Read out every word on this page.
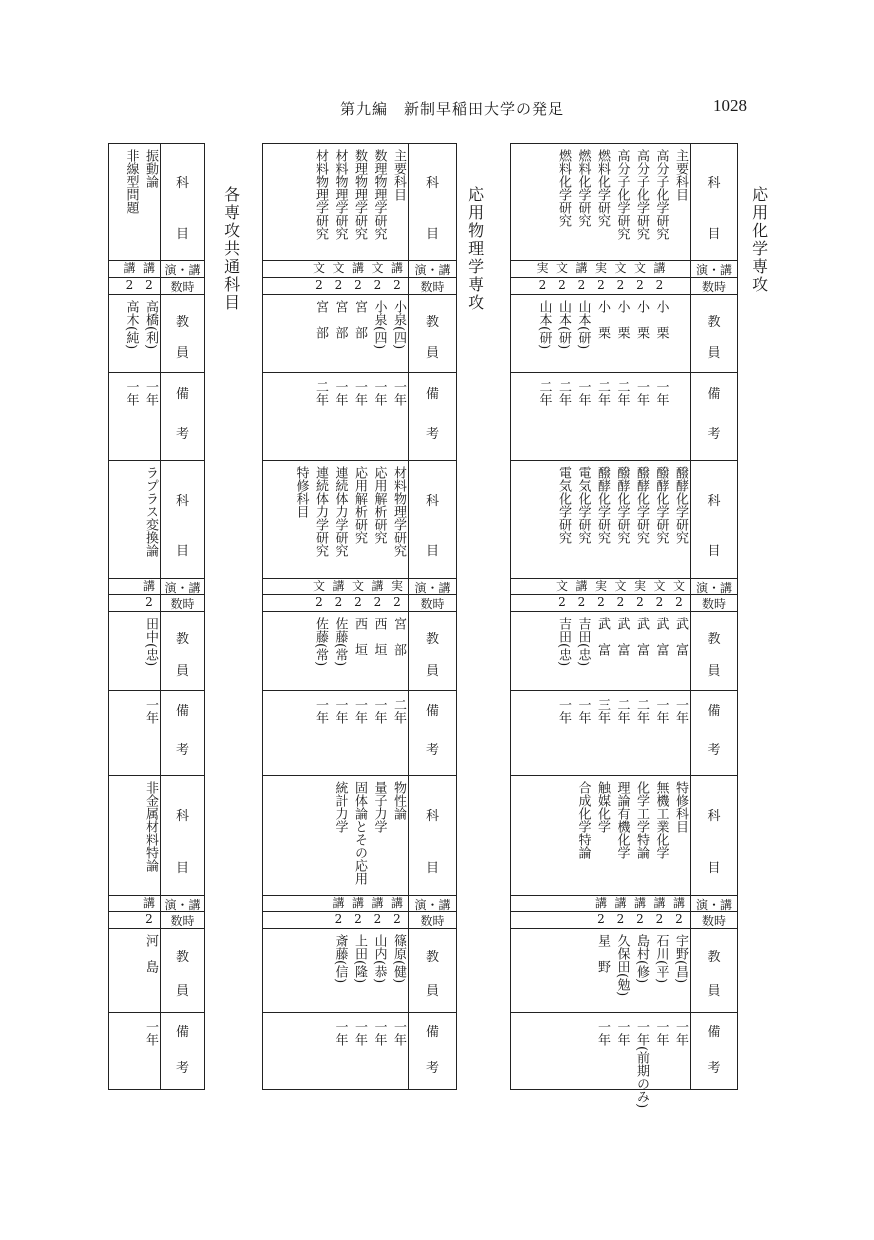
第九編　新制早稲田大学の発足	1028
応用化学専攻
応用物理学専攻
各専攻共通科目
科
目
教
員
備
考
演・講
数時
主要科目　
高分子化学研究
高分子化学研究
高分子化学研究
燃料化学研究
燃料化学研究
燃料化学研究
講
文
文
実
講
文
実
2
2
2
2
2
2
2
小　栗
小　栗
小　栗
小　栗
山本(研)
山本(研)
山本(研)
一年
一年
二年
二年
一年
二年
二年
科
目
教
員
備
考
演・講
数時
醱酵化学研究
醱酵化学研究
醱酵化学研究
醱酵化学研究
醱酵化学研究
電気化学研究
電気化学研究
文
文
実
文
実
講
文
2
2
2
2
2
2
2
武　富
武　富
武　富
武　富
武　富
吉田(忠)
吉田(忠)
一年
一年
二年
二年
三年
一年
一年
科
目
教
員
備
考
演・講
数時
特修科目
無機工業化学
化学工学特論
理論有機化学
触媒化学
合成化学特論
講
講
講
講
講
2
2
2
2
2
宇野(昌)
石川(平)
島村(修)
久保田(勉)
星　野
一年
一年
一年(前期のみ)
一年
一年
科
目
教
員
備
考
演・講
数時
主要科目
数理物理学研究
数理物理学研究
材料物理学研究
材料物理学研究
講
文
講
文
文
2
2
2
2
2
小泉(四)
小泉(四)
宮　部
宮　部
宮　部
一年
一年
一年
一年
二年
科
目
教
員
備
考
演・講
数時
材料物理学研究
応用解析研究
応用解析研究
連続体力学研究
連続体力学研究
特修科目
実
講
文
講
文
2
2
2
2
2
宮　部
西　垣
西　垣
佐藤(常)
佐藤(常)
二年
一年
一年
一年
一年
科
目
教
員
備
考
演・講
数時
物性論
量子力学
固体論とその応用
統計力学
講
講
講
講
2
2
2
2
篠原(健)
山内(恭)
上田(隆)
斎藤(信)
一年
一年
一年
一年
科
目
教
員
備
考
演・講
数時
振動論
非線型問題
講
講
2
2
高橋(利)
高木(純)
一年
一年
科
目
教
員
備
考
演・講
数時
ラプラス変換論
講
2
田中(忠)
一年
科
目
教
員
備
考
演・講
数時
非金属材料特論
講
2
河　島
一年
